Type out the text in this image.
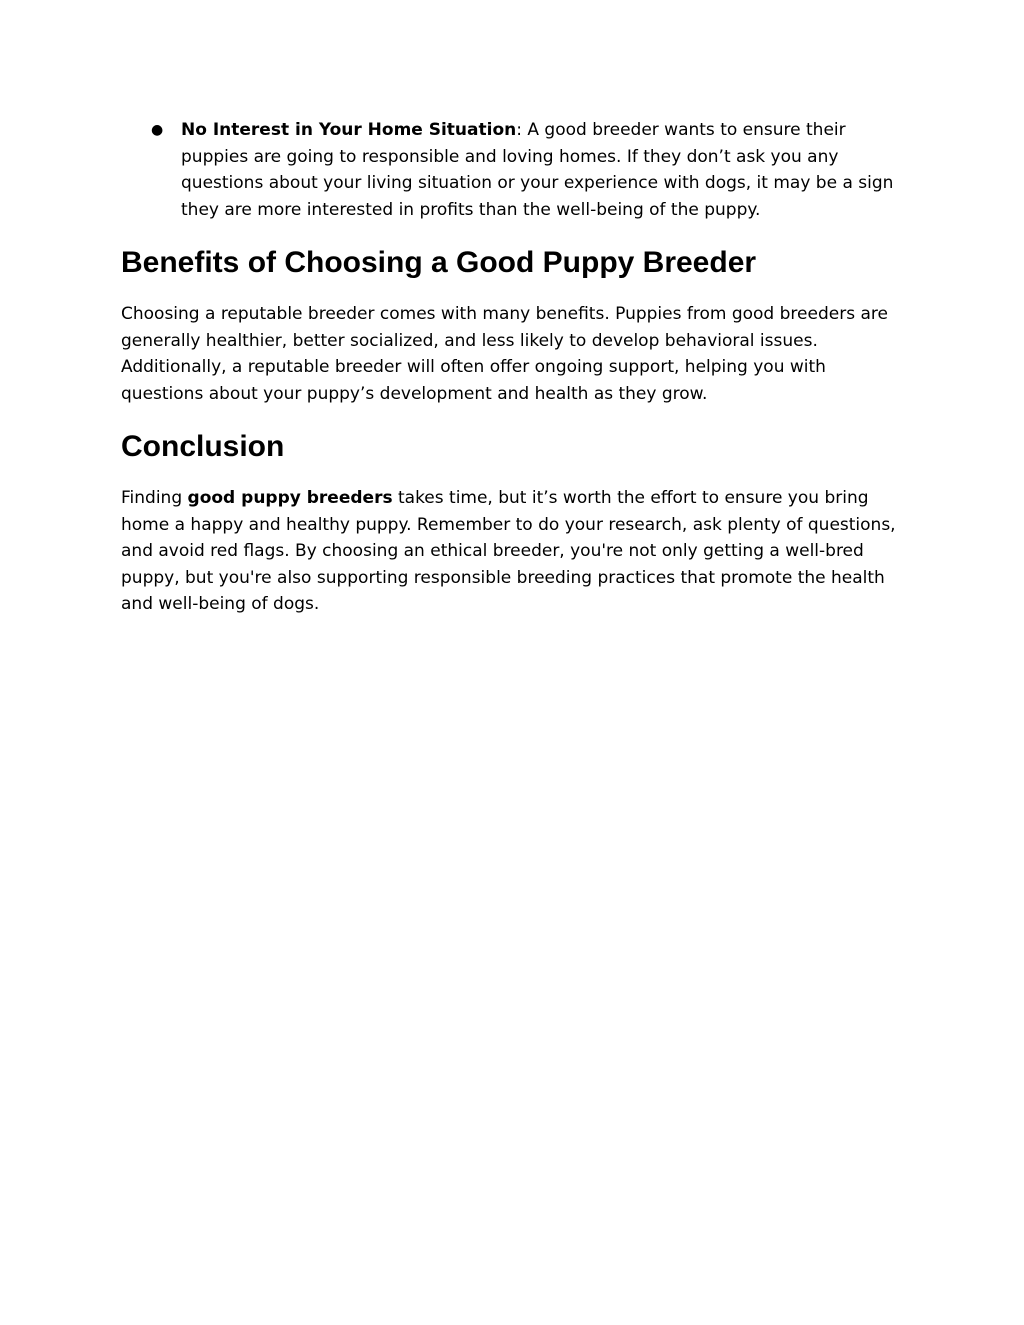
● No Interest in Your Home Situation: A good breeder wants to ensure their puppies are going to responsible and loving homes. If they don’t ask you any questions about your living situation or your experience with dogs, it may be a sign they are more interested in profits than the well-being of the puppy.
Benefits of Choosing a Good Puppy Breeder

Choosing a reputable breeder comes with many benefits. Puppies from good breeders are generally healthier, better socialized, and less likely to develop behavioral issues. Additionally, a reputable breeder will often offer ongoing support, helping you with questions about your puppy’s development and health as they grow.

Conclusion

Finding good puppy breeders takes time, but it’s worth the effort to ensure you bring home a happy and healthy puppy. Remember to do your research, ask plenty of questions, and avoid red flags. By choosing an ethical breeder, you're not only getting a well-bred puppy, but you're also supporting responsible breeding practices that promote the health and well-being of dogs.
